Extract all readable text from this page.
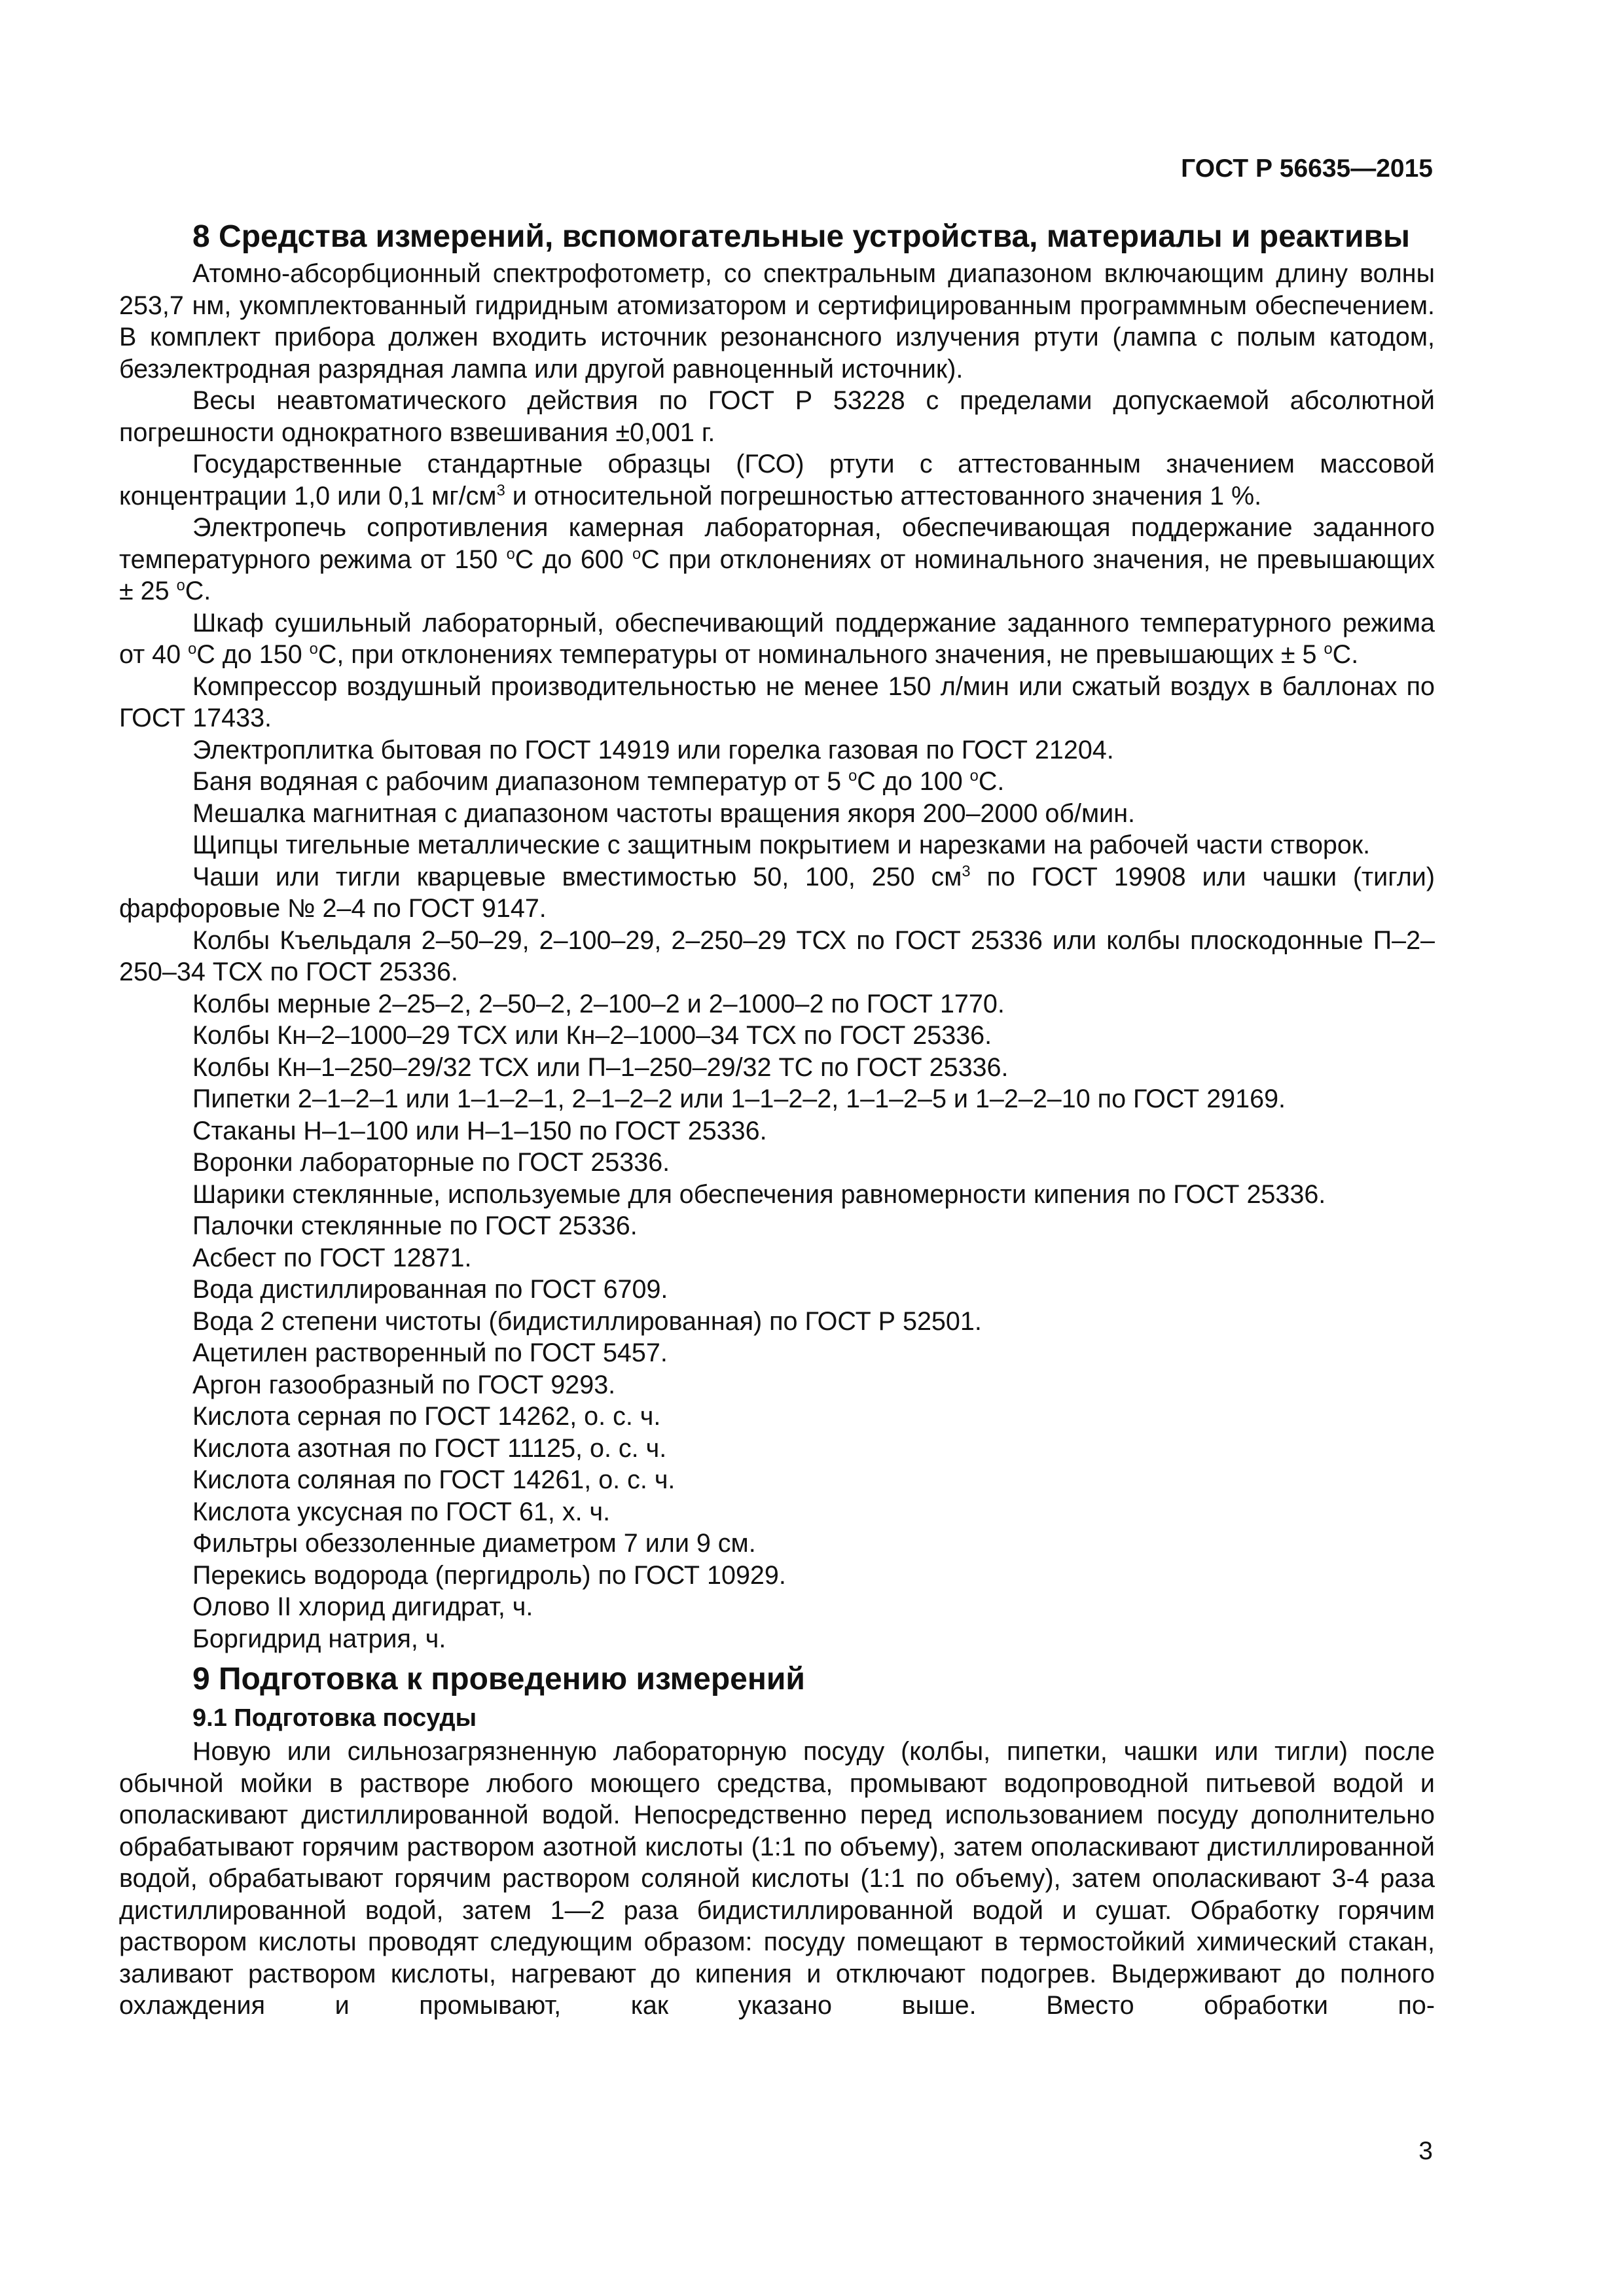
ГОСТ Р 56635—2015
8 Средства измерений, вспомогательные устройства, материалы и реактивы

Атомно-абсорбционный спектрофотометр, со спектральным диапазоном включающим длину волны 253,7 нм, укомплектованный гидридным атомизатором и сертифицированным программным обеспечением. В комплект прибора должен входить источник резонансного излучения ртути (лампа с полым катодом, безэлектродная разрядная лампа или другой равноценный источник).

Весы неавтоматического действия по ГОСТ Р 53228 с пределами допускаемой абсолютной погрешности однократного взвешивания ±0,001 г.

Государственные стандартные образцы (ГСО) ртути с аттестованным значением массовой концентрации 1,0 или 0,1 $мг/см^3$ и относительной погрешностью аттестованного значения 1 %.

Электропечь сопротивления камерная лабораторная, обеспечивающая поддержание заданного температурного режима от 150 $^о$С до 600 $^о$С при отклонениях от номинального значения, не превышающих ± 25 $^о$С.

Шкаф сушильный лабораторный, обеспечивающий поддержание заданного температурного режима от 40 $^о$С до 150 $^о$С, при отклонениях температуры от номинального значения, не превышающих ± 5 $^о$С.

Компрессор воздушный производительностью не менее 150 л/мин или сжатый воздух в баллонах по ГОСТ 17433.

Электроплитка бытовая по ГОСТ 14919 или горелка газовая по ГОСТ 21204.

Баня водяная с рабочим диапазоном температур от 5 $^о$С до 100 $^о$С.

Мешалка магнитная с диапазоном частоты вращения якоря 200–2000 об/мин.

Щипцы тигельные металлические с защитным покрытием и нарезками на рабочей части створок.

Чаши или тигли кварцевые вместимостью 50, 100, 250 $см^3$ по ГОСТ 19908 или чашки (тигли) фарфоровые № 2–4 по ГОСТ 9147.

Колбы Къельдаля 2–50–29, 2–100–29, 2–250–29 ТСХ по ГОСТ 25336 или колбы плоскодонные П–2–250–34 ТСХ по ГОСТ 25336.

Колбы мерные 2–25–2, 2–50–2, 2–100–2 и 2–1000–2 по ГОСТ 1770.

Колбы Кн–2–1000–29 ТСХ или Кн–2–1000–34 ТСХ по ГОСТ 25336.

Колбы Кн–1–250–29/32 ТСХ или П–1–250–29/32 ТС по ГОСТ 25336.

Пипетки 2–1–2–1 или 1–1–2–1, 2–1–2–2 или 1–1–2–2, 1–1–2–5 и 1–2–2–10 по ГОСТ 29169.

Стаканы Н–1–100 или Н–1–150 по ГОСТ 25336.

Воронки лабораторные по ГОСТ 25336.

Шарики стеклянные, используемые для обеспечения равномерности кипения по ГОСТ 25336.

Палочки стеклянные по ГОСТ 25336.

Асбест по ГОСТ 12871.

Вода дистиллированная по ГОСТ 6709.

Вода 2 степени чистоты (бидистиллированная) по ГОСТ Р 52501.

Ацетилен растворенный по ГОСТ 5457.

Аргон газообразный по ГОСТ 9293.

Кислота серная по ГОСТ 14262, о. с. ч.

Кислота азотная по ГОСТ 11125, о. с. ч.

Кислота соляная по ГОСТ 14261, о. с. ч.

Кислота уксусная по ГОСТ 61, х. ч.

Фильтры обеззоленные диаметром 7 или 9 см.

Перекись водорода (пергидроль) по ГОСТ 10929.

Олово II хлорид дигидрат, ч.

Боргидрид натрия, ч.

9 Подготовка к проведению измерений
9.1 Подготовка посуды

Новую или сильнозагрязненную лабораторную посуду (колбы, пипетки, чашки или тигли) после обычной мойки в растворе любого моющего средства, промывают водопроводной питьевой водой и ополаскивают дистиллированной водой. Непосредственно перед использованием посуду дополнительно обрабатывают горячим раствором азотной кислоты (1:1 по объему), затем ополаскивают дистиллированной водой, обрабатывают горячим раствором соляной кислоты (1:1 по объему), затем ополаскивают 3-4 раза дистиллированной водой, затем 1—2 раза бидистиллированной водой и сушат. Обработку горячим раствором кислоты проводят следующим образом: посуду помещают в термостойкий химический стакан, заливают раствором кислоты, нагревают до кипения и отключают подогрев. Выдерживают до полного охлаждения и промывают, как указано выше. Вместо обработки по-

3
